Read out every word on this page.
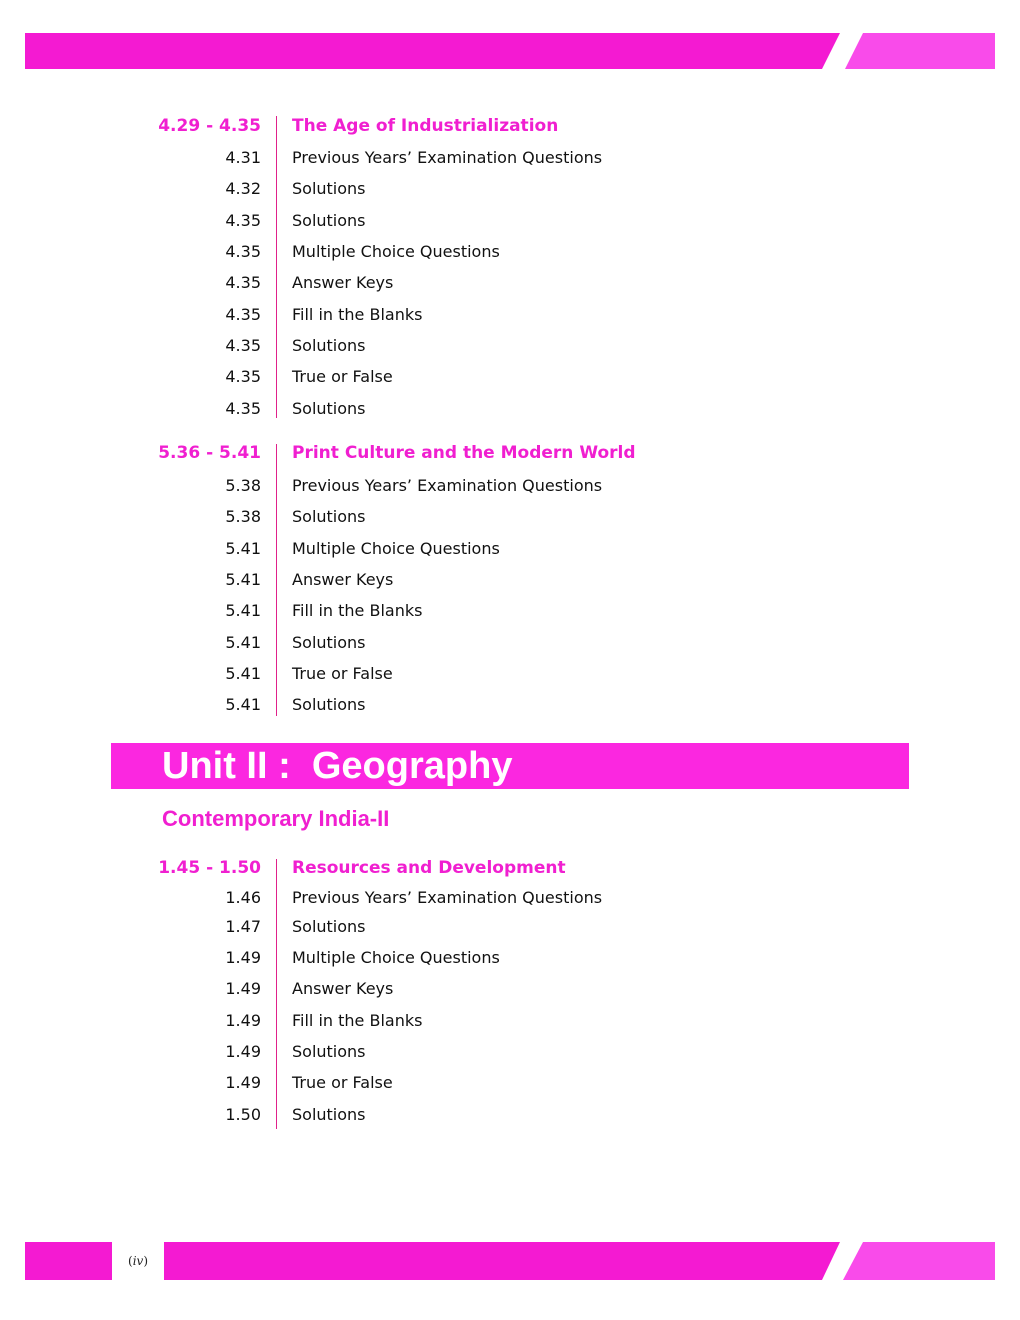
4.29 - 4.35 The Age of Industrialization
4.31 Previous Years’ Examination Questions
4.32 Solutions
4.35 Solutions
4.35 Multiple Choice Questions
4.35 Answer Keys
4.35 Fill in the Blanks
4.35 Solutions
4.35 True or False
4.35 Solutions
5.36 - 5.41 Print Culture and the Modern World
5.38 Previous Years’ Examination Questions
5.38 Solutions
5.41 Multiple Choice Questions
5.41 Answer Keys
5.41 Fill in the Blanks
5.41 Solutions
5.41 True or False
5.41 Solutions
Unit II :  Geography
Contemporary India-II
1.45 - 1.50 Resources and Development
1.46 Previous Years’ Examination Questions
1.47 Solutions
1.49 Multiple Choice Questions
1.49 Answer Keys
1.49 Fill in the Blanks
1.49 Solutions
1.49 True or False
1.50 Solutions
( iv )
